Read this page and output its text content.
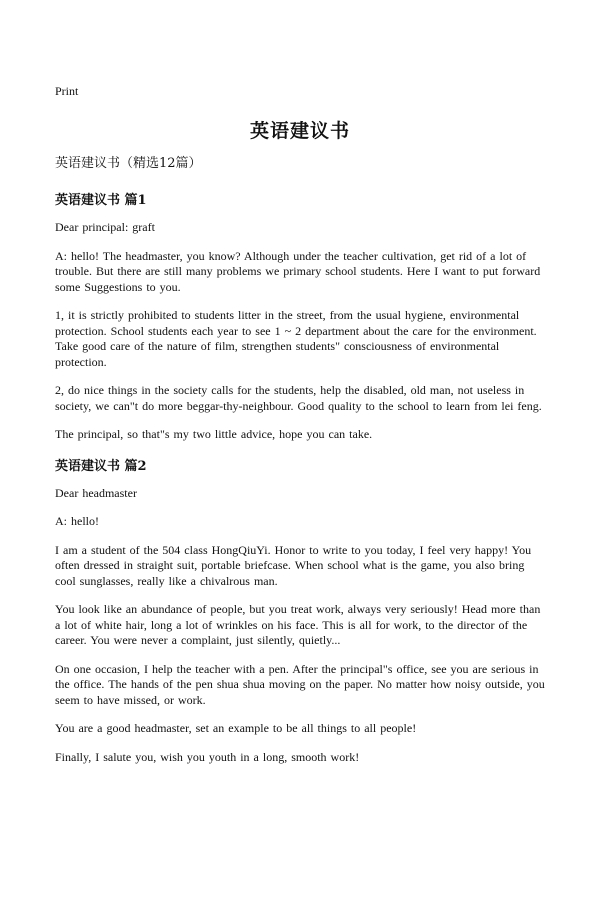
Print
英语建议书
英语建议书（精选12篇）
英语建议书 篇1

Dear principal: graft

A: hello! The headmaster, you know? Although under the teacher cultivation, get rid of a lot of trouble. But there are still many problems we primary school students. Here I want to put forward some Suggestions to you.

1, it is strictly prohibited to students litter in the street, from the usual hygiene, environmental protection. School students each year to see 1 ~ 2 department about the care for the environment. Take good care of the nature of film, strengthen students" consciousness of environmental protection.

2, do nice things in the society calls for the students, help the disabled, old man, not useless in society, we can"t do more beggar-thy-neighbour. Good quality to the school to learn from lei feng.

The principal, so that"s my two little advice, hope you can take.

英语建议书 篇2

Dear headmaster

A: hello!

I am a student of the 504 class HongQiuYi. Honor to write to you today, I feel very happy! You often dressed in straight suit, portable briefcase. When school what is the game, you also bring cool sunglasses, really like a chivalrous man.

You look like an abundance of people, but you treat work, always very seriously! Head more than a lot of white hair, long a lot of wrinkles on his face. This is all for work, to the director of the career. You were never a complaint, just silently, quietly...

On one occasion, I help the teacher with a pen. After the principal"s office, see you are serious in the office. The hands of the pen shua shua moving on the paper. No matter how noisy outside, you seem to have missed, or work.

You are a good headmaster, set an example to be all things to all people!

Finally, I salute you, wish you youth in a long, smooth work!
